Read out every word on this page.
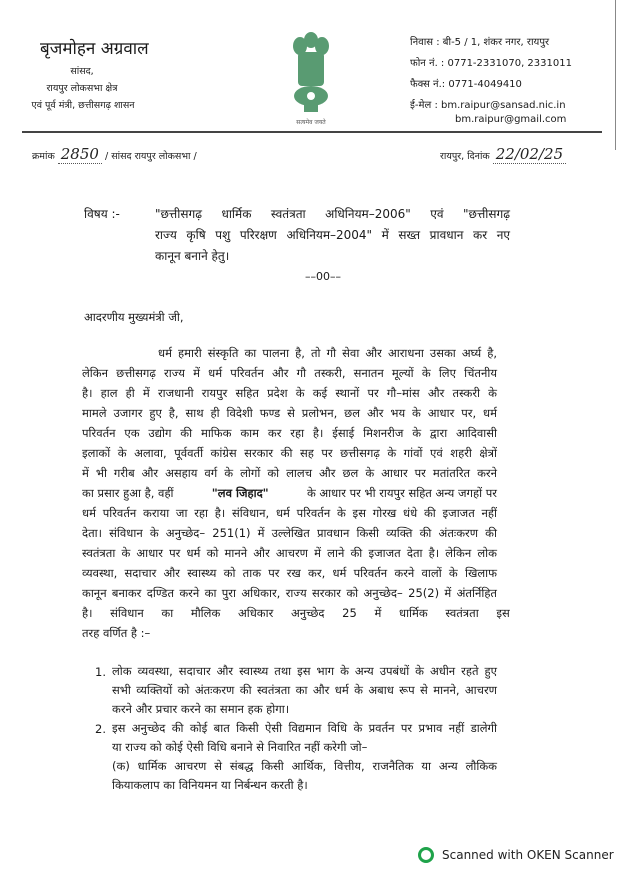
बृजमोहन अग्रवाल
सांसद,
रायपुर लोकसभा क्षेत्र
एवं पूर्व मंत्री, छत्तीसगढ़ शासन
सत्यमेव जयते
निवास : बी-5 / 1, शंकर नगर, रायपुर
फोन नं. : 0771-2331070, 2331011
फैक्स नं.: 0771-4049410
ई-मेल : bm.raipur@sansad.nic.in
bm.raipur@gmail.com
क्रमांक 2850 / सांसद रायपुर लोकसभा /	रायपुर, दिनांक 22/02/25
विषय :-	"छत्तीसगढ़ धार्मिक स्वतंत्रता अधिनियम–2006" एवं "छत्तीसगढ़
राज्य कृषि पशु परिरक्षण अधिनियम–2004" में सख्त प्रावधान कर नए
कानून बनाने हेतु।
––00––
आदरणीय मुख्यमंत्री जी,
धर्म हमारी संस्कृति का पालना है, तो गौ सेवा और आराधना उसका अर्घ्य है,
लेकिन छत्तीसगढ़ राज्य में धर्म परिवर्तन और गौ तस्करी, सनातन मूल्यों के लिए चिंतनीय
है। हाल ही में राजधानी रायपुर सहित प्रदेश के कई स्थानों पर गौ–मांस और तस्करी के
मामले उजागर हुए है, साथ ही विदेशी फण्ड से प्रलोभन, छल और भय के आधार पर, धर्म
परिवर्तन एक उद्योग की माफिक काम कर रहा है। ईसाई मिशनरीज के द्वारा आदिवासी
इलाकों के अलावा, पूर्ववर्ती कांग्रेस सरकार की सह पर छत्तीसगढ़ के गांवों एवं शहरी क्षेत्रों
में भी गरीब और असहाय वर्ग के लोगों को लालच और छल के आधार पर मतांतरित करने
का प्रसार हुआ है, वहीं	"लव जिहाद"	के आधार पर भी रायपुर सहित अन्य जगहों पर
धर्म परिवर्तन कराया जा रहा है। संविधान, धर्म परिवर्तन के इस गोरख धंधे की इजाजत नहीं
देता। संविधान के अनुच्छेद– 251(1) में उल्लेखित प्रावधान किसी व्यक्ति की अंतःकरण की
स्वतंत्रता के आधार पर धर्म को मानने और आचरण में लाने की इजाजत देता है। लेकिन लोक
व्यवस्था, सदाचार और स्वास्थ्य को ताक पर रख कर, धर्म परिवर्तन करने वालों के खिलाफ
कानून बनाकर दण्डित करने का पुरा अधिकार, राज्य सरकार को अनुच्छेद– 25(2) में अंतर्निहित
है। संविधान का मौलिक अधिकार अनुच्छेद 25 में धार्मिक स्वतंत्रता इस
तरह वर्णित है :–
1. लोक व्यवस्था, सदाचार और स्वास्थ्य तथा इस भाग के अन्य उपबंधों के अधीन रहते हुए
सभी व्यक्तियों को अंतःकरण की स्वतंत्रता का और धर्म के अबाध रूप से मानने, आचरण
करने और प्रचार करने का समान हक होगा।
2. इस अनुच्छेद की कोई बात किसी ऐसी विद्यमान विधि के प्रवर्तन पर प्रभाव नहीं डालेगी
या राज्य को कोई ऐसी विधि बनाने से निवारित नहीं करेगी जो–
(क) धार्मिक आचरण से संबद्ध किसी आर्थिक, वित्तीय, राजनैतिक या अन्य लौकिक
कियाकलाप का विनियमन या निर्बन्धन करती है।
Scanned with OKEN Scanner
